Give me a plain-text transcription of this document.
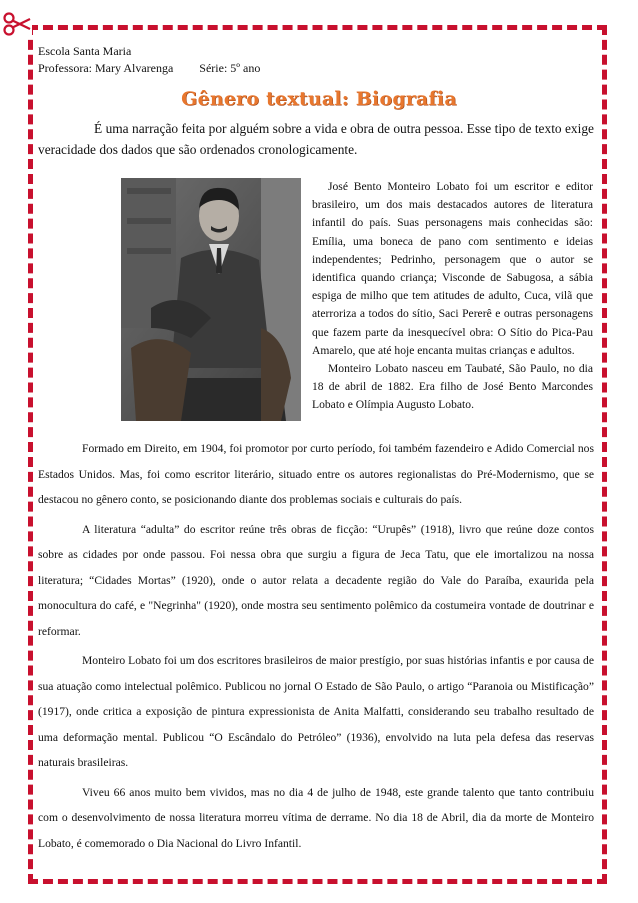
Escola Santa Maria
Professora: Mary Alvarenga Série: 5º ano
Gênero textual: Biografia
É uma narração feita por alguém sobre a vida e obra de outra pessoa. Esse tipo de texto exige veracidade dos dados que são ordenados cronologicamente.

José Bento Monteiro Lobato foi um escritor e editor brasileiro, um dos mais destacados autores de literatura infantil do país. Suas personagens mais conhecidas são: Emília, uma boneca de pano com sentimento e ideias independentes; Pedrinho, personagem que o autor se identifica quando criança; Visconde de Sabugosa, a sábia espiga de milho que tem atitudes de adulto, Cuca, vilã que aterroriza a todos do sítio, Saci Pererê e outras personagens que fazem parte da inesquecível obra: O Sítio do Pica-Pau Amarelo, que até hoje encanta muitas crianças e adultos.

Monteiro Lobato nasceu em Taubaté, São Paulo, no dia 18 de abril de 1882. Era filho de José Bento Marcondes Lobato e Olímpia Augusto Lobato.

Formado em Direito, em 1904, foi promotor por curto período, foi também fazendeiro e Adido Comercial nos Estados Unidos. Mas, foi como escritor literário, situado entre os autores regionalistas do Pré-Modernismo, que se destacou no gênero conto, se posicionando diante dos problemas sociais e culturais do país.

A literatura “adulta” do escritor reúne três obras de ficção: “Urupês” (1918), livro que reúne doze contos sobre as cidades por onde passou. Foi nessa obra que surgiu a figura de Jeca Tatu, que ele imortalizou na nossa literatura; “Cidades Mortas” (1920), onde o autor relata a decadente região do Vale do Paraíba, exaurida pela monocultura do café, e "Negrinha" (1920), onde mostra seu sentimento polêmico da costumeira vontade de doutrinar e reformar.

Monteiro Lobato foi um dos escritores brasileiros de maior prestígio, por suas histórias infantis e por causa de sua atuação como intelectual polêmico. Publicou no jornal O Estado de São Paulo, o artigo “Paranoia ou Mistificação” (1917), onde critica a exposição de pintura expressionista de Anita Malfatti, considerando seu trabalho resultado de uma deformação mental. Publicou “O Escândalo do Petróleo” (1936), envolvido na luta pela defesa das reservas naturais brasileiras.

Viveu 66 anos muito bem vividos, mas no dia 4 de julho de 1948, este grande talento que tanto contribuiu com o desenvolvimento de nossa literatura morreu vítima de derrame. No dia 18 de Abril, dia da morte de Monteiro Lobato, é comemorado o Dia Nacional do Livro Infantil.
